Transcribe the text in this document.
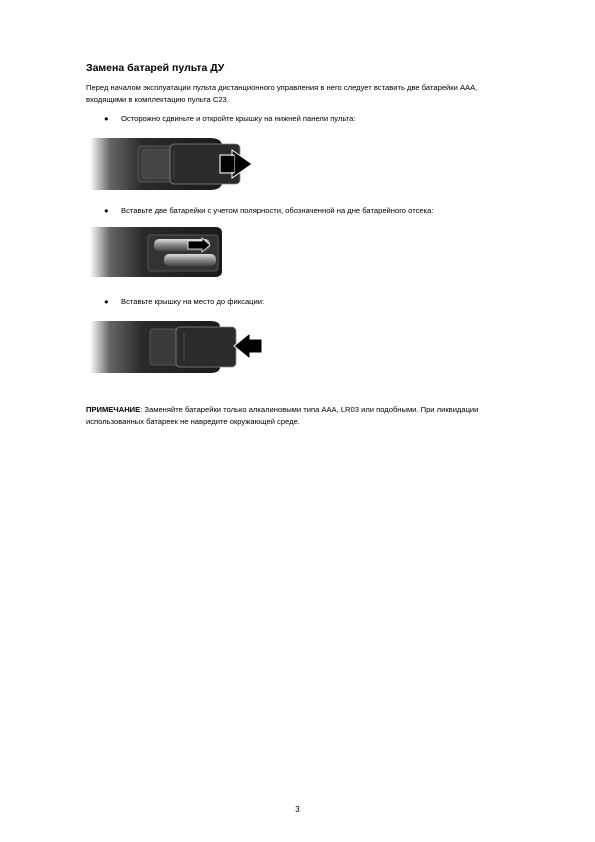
Замена батарей пульта ДУ

Перед началом эксплуатации пульта дистанционного управления в него следует вставить две батарейки AAA,

входящими в комплектацию пульта C23.

● Осторожно сдвиньте и откройте крышку на нижней панели пульта:
● Вставьте две батарейки с учетом полярности, обозначенной на дне батарейного отсека:
● Вставьте крышку на место до фиксации:

ПРИМЕЧАНИЕ: Заменяйте батарейки только алкалиновыми типа AAA, LR03 или подобными. При ликвидации
использованных батареек не навредите окружающей среде.

3
